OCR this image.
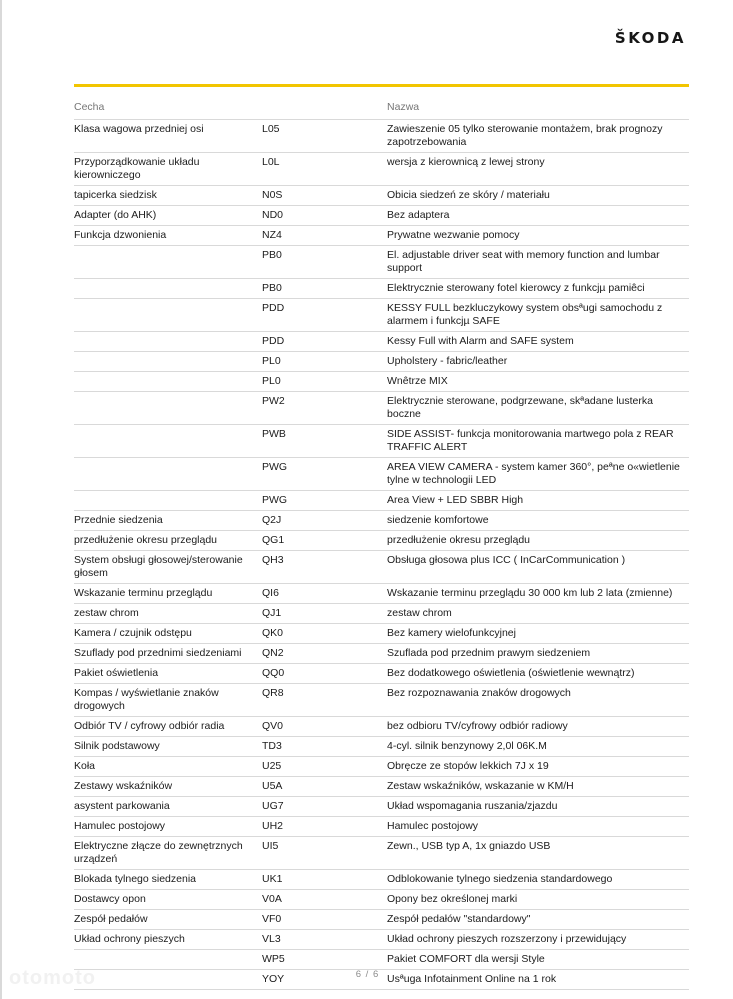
ŠKODA
Cecha		Nazwa
Klasa wagowa przedniej osi	L05	Zawieszenie 05 tylko sterowanie montażem, brak prognozy zapotrzebowania
Przyporządkowanie układu kierowniczego	L0L	wersja z kierownicą z lewej strony
tapicerka siedzisk	N0S	Obicia siedzeń ze skóry / materiału
Adapter (do AHK)	ND0	Bez adaptera
Funkcja dzwonienia	NZ4	Prywatne wezwanie pomocy
	PB0	El. adjustable driver seat with memory function and lumbar support
	PB0	Elektrycznie sterowany fotel kierowcy z funkcjµ pamiêci
	PDD	KESSY FULL bezkluczykowy system obsªugi samochodu z alarmem i funkcjµ SAFE
	PDD	Kessy Full with Alarm and SAFE system
	PL0	Upholstery - fabric/leather
	PL0	Wnêtrze MIX
	PW2	Elektrycznie sterowane, podgrzewane, skªadane lusterka boczne
	PWB	SIDE ASSIST- funkcja monitorowania martwego pola z REAR TRAFFIC ALERT
	PWG	AREA VIEW CAMERA - system kamer 360°, peªne o«wietlenie tylne w technologii LED
	PWG	Area View + LED SBBR High
Przednie siedzenia	Q2J	siedzenie komfortowe
przedłużenie okresu przeglądu	QG1	przedłużenie okresu przeglądu
System obsługi głosowej/sterowanie głosem	QH3	Obsługa głosowa plus ICC ( InCarCommunication )
Wskazanie terminu przeglądu	QI6	Wskazanie terminu przeglądu 30 000 km lub 2 lata (zmienne)
zestaw chrom	QJ1	zestaw chrom
Kamera / czujnik odstępu	QK0	Bez kamery wielofunkcyjnej
Szuflady pod przednimi siedzeniami	QN2	Szuflada pod przednim prawym siedzeniem
Pakiet oświetlenia	QQ0	Bez dodatkowego oświetlenia (oświetlenie wewnątrz)
Kompas / wyświetlanie znaków drogowych	QR8	Bez rozpoznawania znaków drogowych
Odbiór TV / cyfrowy odbiór radia	QV0	bez odbioru TV/cyfrowy odbiór radiowy
Silnik podstawowy	TD3	4-cyl. silnik benzynowy 2,0l 06K.M
Koła	U25	Obręcze ze stopów lekkich 7J x 19
Zestawy wskaźników	U5A	Zestaw wskaźników, wskazanie w KM/H
asystent parkowania	UG7	Układ wspomagania ruszania/zjazdu
Hamulec postojowy	UH2	Hamulec postojowy
Elektryczne złącze do zewnętrznych urządzeń	UI5	Zewn., USB typ A, 1x gniazdo USB
Blokada tylnego siedzenia	UK1	Odblokowanie tylnego siedzenia standardowego
Dostawcy opon	V0A	Opony bez określonej marki
Zespół pedałów	VF0	Zespół pedałów "standardowy"
Układ ochrony pieszych	VL3	Układ ochrony pieszych rozszerzony i przewidujący
	WP5	Pakiet COMFORT dla wersji Style
	YOY	Usªuga Infotainment Online na 1 rok
otomoto	6 / 6
